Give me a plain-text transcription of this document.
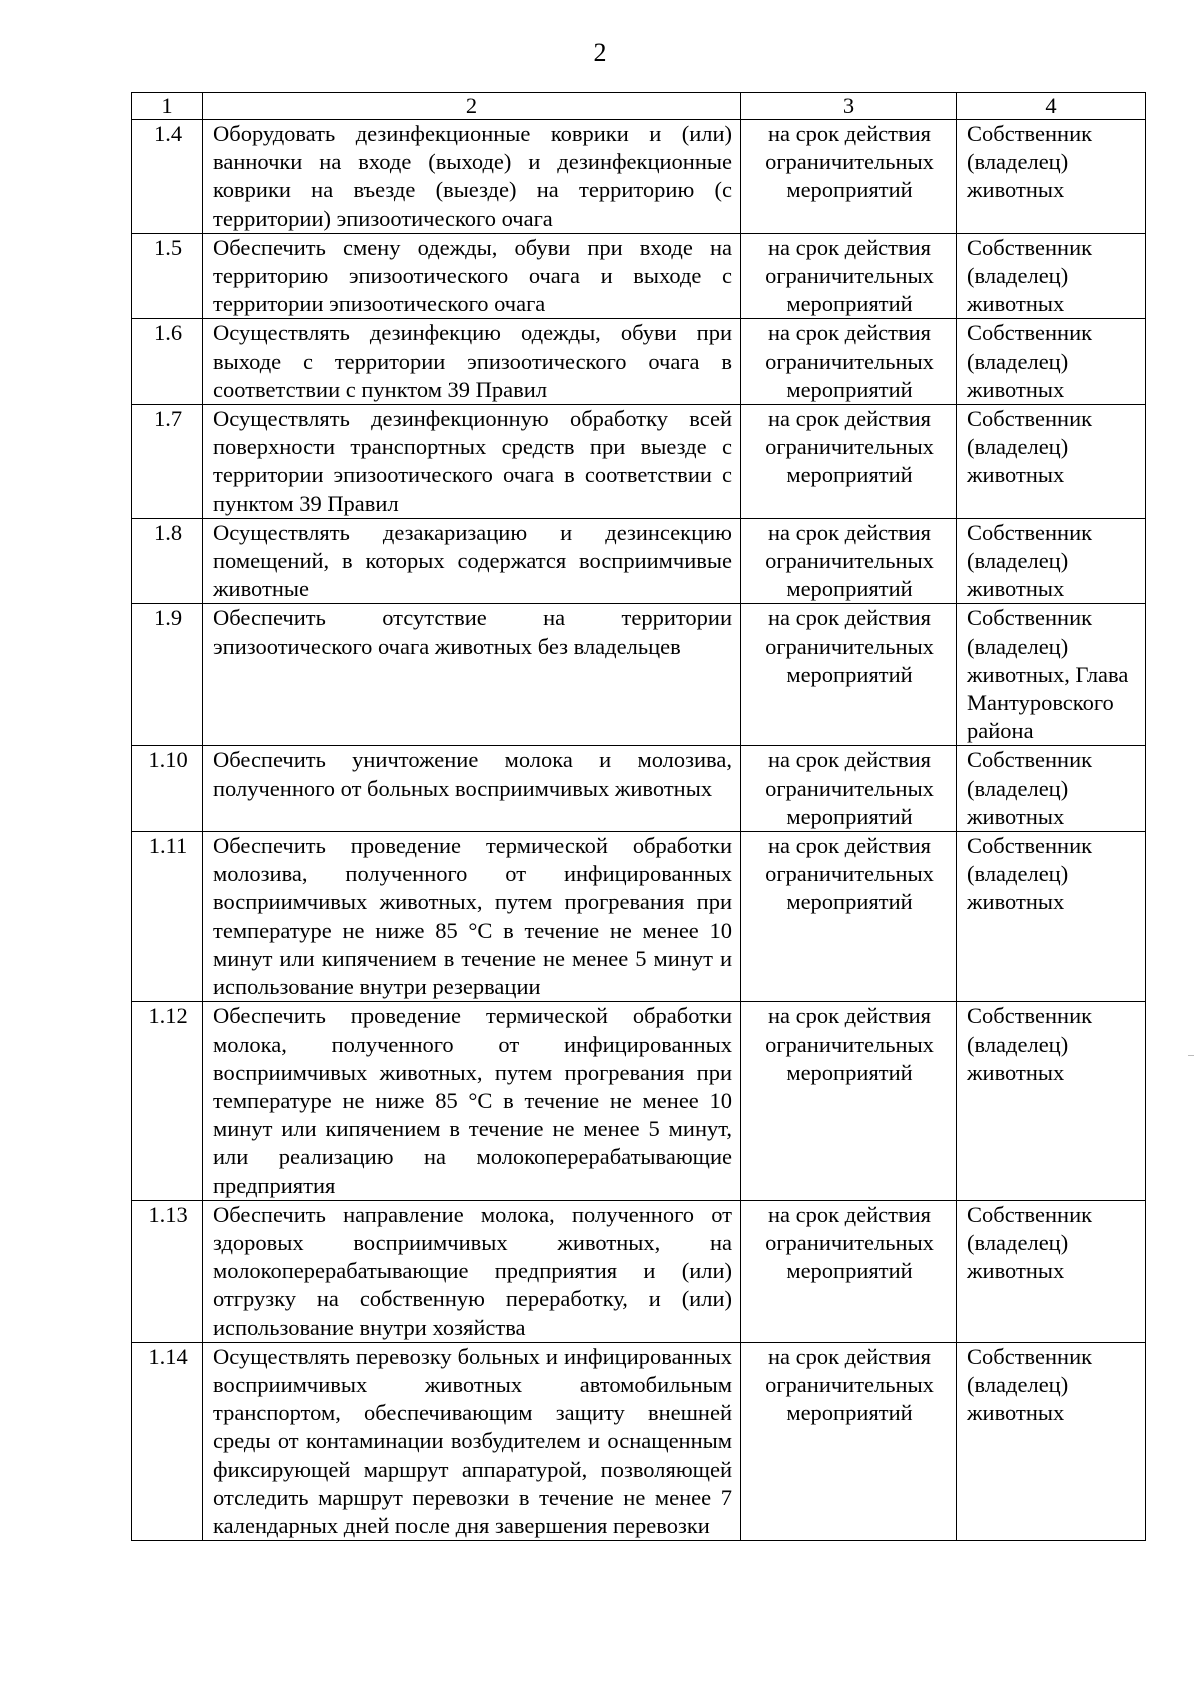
2
1	2	3	4
1.4	Оборудовать дезинфекционные коврики и (или) ванночки на входе (выходе) и дезинфекционные коврики на въезде (выезде) на территорию (с территории) эпизоотического очага	на срок действия ограничительных мероприятий	Собственник (владелец) животных
1.5	Обеспечить смену одежды, обуви при входе на территорию эпизоотического очага и выходе с территории эпизоотического очага	на срок действия ограничительных мероприятий	Собственник (владелец) животных
1.6	Осуществлять дезинфекцию одежды, обуви при выходе с территории эпизоотического очага в соответствии с пунктом 39 Правил	на срок действия ограничительных мероприятий	Собственник (владелец) животных
1.7	Осуществлять дезинфекционную обработку всей поверхности транспортных средств при выезде с территории эпизоотического очага в соответствии с пунктом 39 Правил	на срок действия ограничительных мероприятий	Собственник (владелец) животных
1.8	Осуществлять дезакаризацию и дезинсекцию помещений, в которых содержатся восприимчивые животные	на срок действия ограничительных мероприятий	Собственник (владелец) животных
1.9	Обеспечить отсутствие на территории эпизоотического очага животных без владельцев	на срок действия ограничительных мероприятий	Собственник (владелец) животных, Глава Мантуровского района
1.10	Обеспечить уничтожение молока и молозива, полученного от больных восприимчивых животных	на срок действия ограничительных мероприятий	Собственник (владелец) животных
1.11	Обеспечить проведение термической обработки молозива, полученного от инфицированных восприимчивых животных, путем прогревания при температуре не ниже 85 °С в течение не менее 10 минут или кипячением в течение не менее 5 минут и использование внутри резервации	на срок действия ограничительных мероприятий	Собственник (владелец) животных
1.12	Обеспечить проведение термической обработки молока, полученного от инфицированных восприимчивых животных, путем прогревания при температуре не ниже 85 °С в течение не менее 10 минут или кипячением в течение не менее 5 минут, или реализацию на молокоперерабатывающие предприятия	на срок действия ограничительных мероприятий	Собственник (владелец) животных
1.13	Обеспечить направление молока, полученного от здоровых восприимчивых животных, на молокоперерабатывающие предприятия и (или) отгрузку на собственную переработку, и (или) использование внутри хозяйства	на срок действия ограничительных мероприятий	Собственник (владелец) животных
1.14	Осуществлять перевозку больных и инфицированных восприимчивых животных автомобильным транспортом, обеспечивающим защиту внешней среды от контаминации возбудителем и оснащенным фиксирующей маршрут аппаратурой, позволяющей отследить маршрут перевозки в течение не менее 7 календарных дней после дня завершения перевозки	на срок действия ограничительных мероприятий	Собственник (владелец) животных
